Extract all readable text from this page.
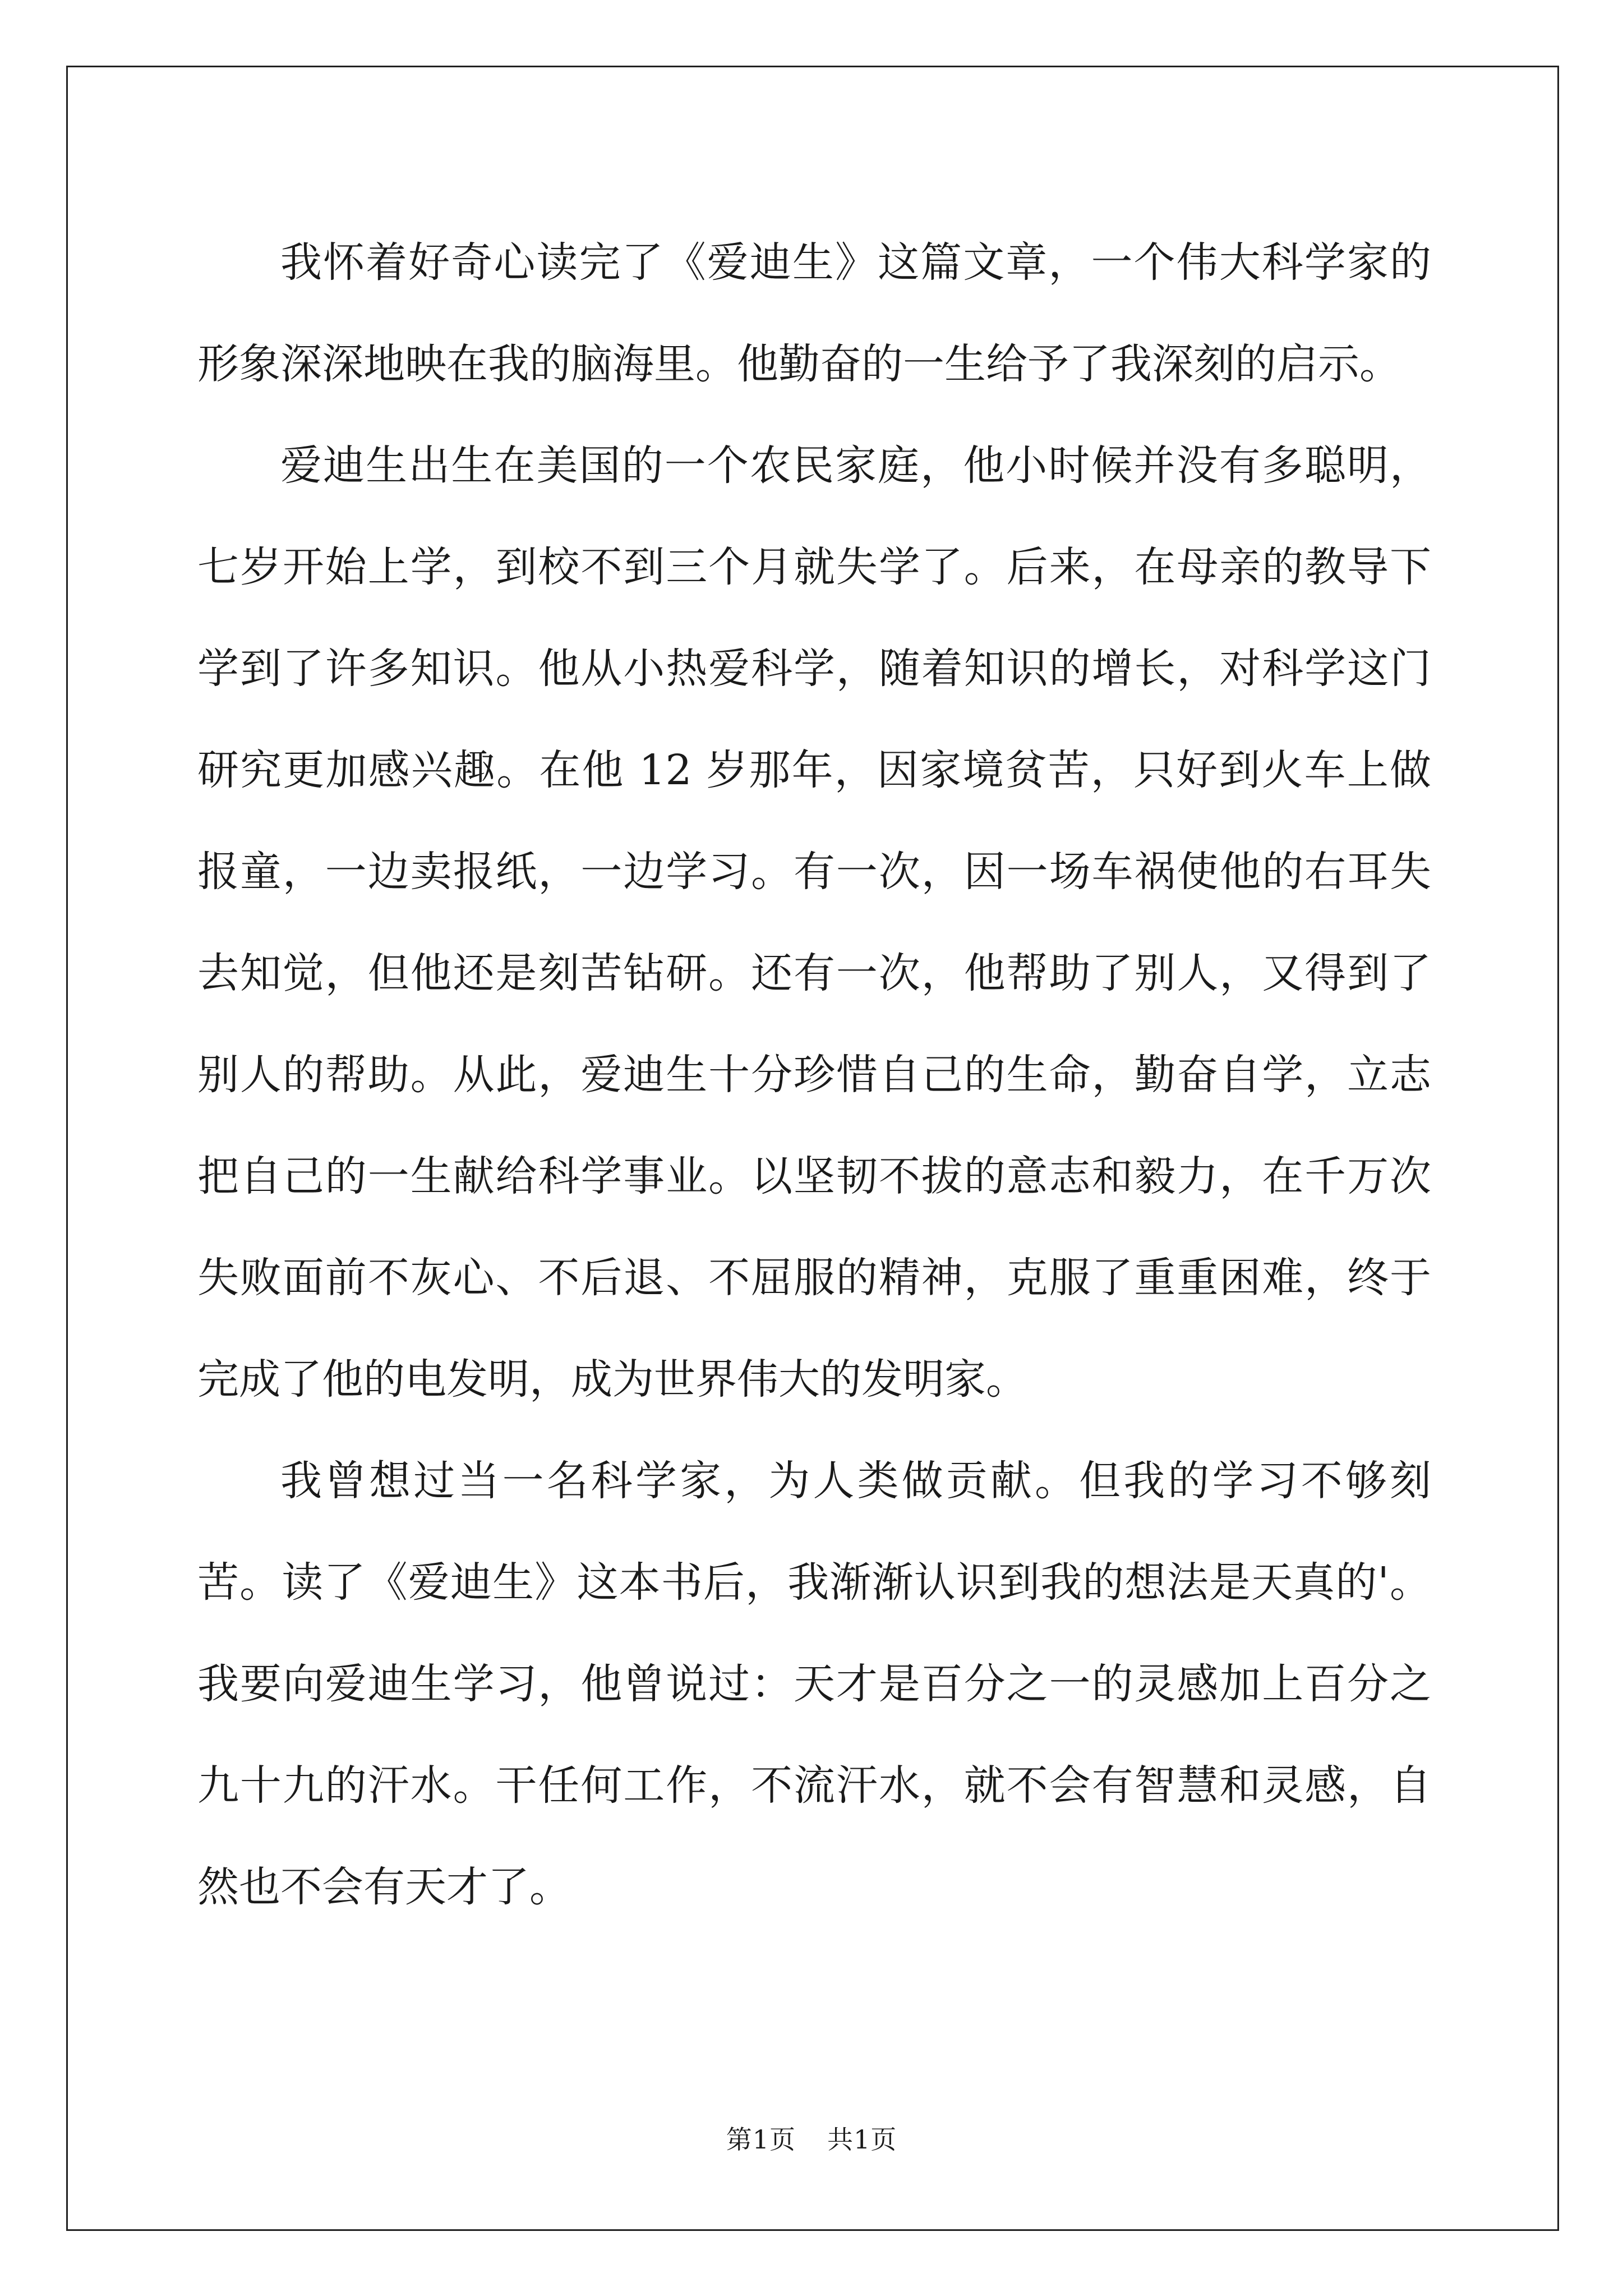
我怀着好奇心读完了《爱迪生》这篇文章，一个伟大科学家的形象深深地映在我的脑海里。他勤奋的一生给予了我深刻的启示。

爱迪生出生在美国的一个农民家庭，他小时候并没有多聪明，七岁开始上学，到校不到三个月就失学了。后来，在母亲的教导下学到了许多知识。他从小热爱科学，随着知识的增长，对科学这门研究更加感兴趣。在他 12 岁那年，因家境贫苦，只好到火车上做报童，一边卖报纸，一边学习。有一次，因一场车祸使他的右耳失去知觉，但他还是刻苦钻研。还有一次，他帮助了别人，又得到了别人的帮助。从此，爱迪生十分珍惜自己的生命，勤奋自学，立志把自己的一生献给科学事业。以坚韧不拔的意志和毅力，在千万次失败面前不灰心、不后退、不屈服的精神，克服了重重困难，终于完成了他的电发明，成为世界伟大的发明家。

我曾想过当一名科学家，为人类做贡献。但我的学习不够刻苦。读了《爱迪生》这本书后，我渐渐认识到我的想法是天真的'。我要向爱迪生学习，他曾说过：天才是百分之一的灵感加上百分之九十九的汗水。干任何工作，不流汗水，就不会有智慧和灵感，自然也不会有天才了。

第1页 共1页
